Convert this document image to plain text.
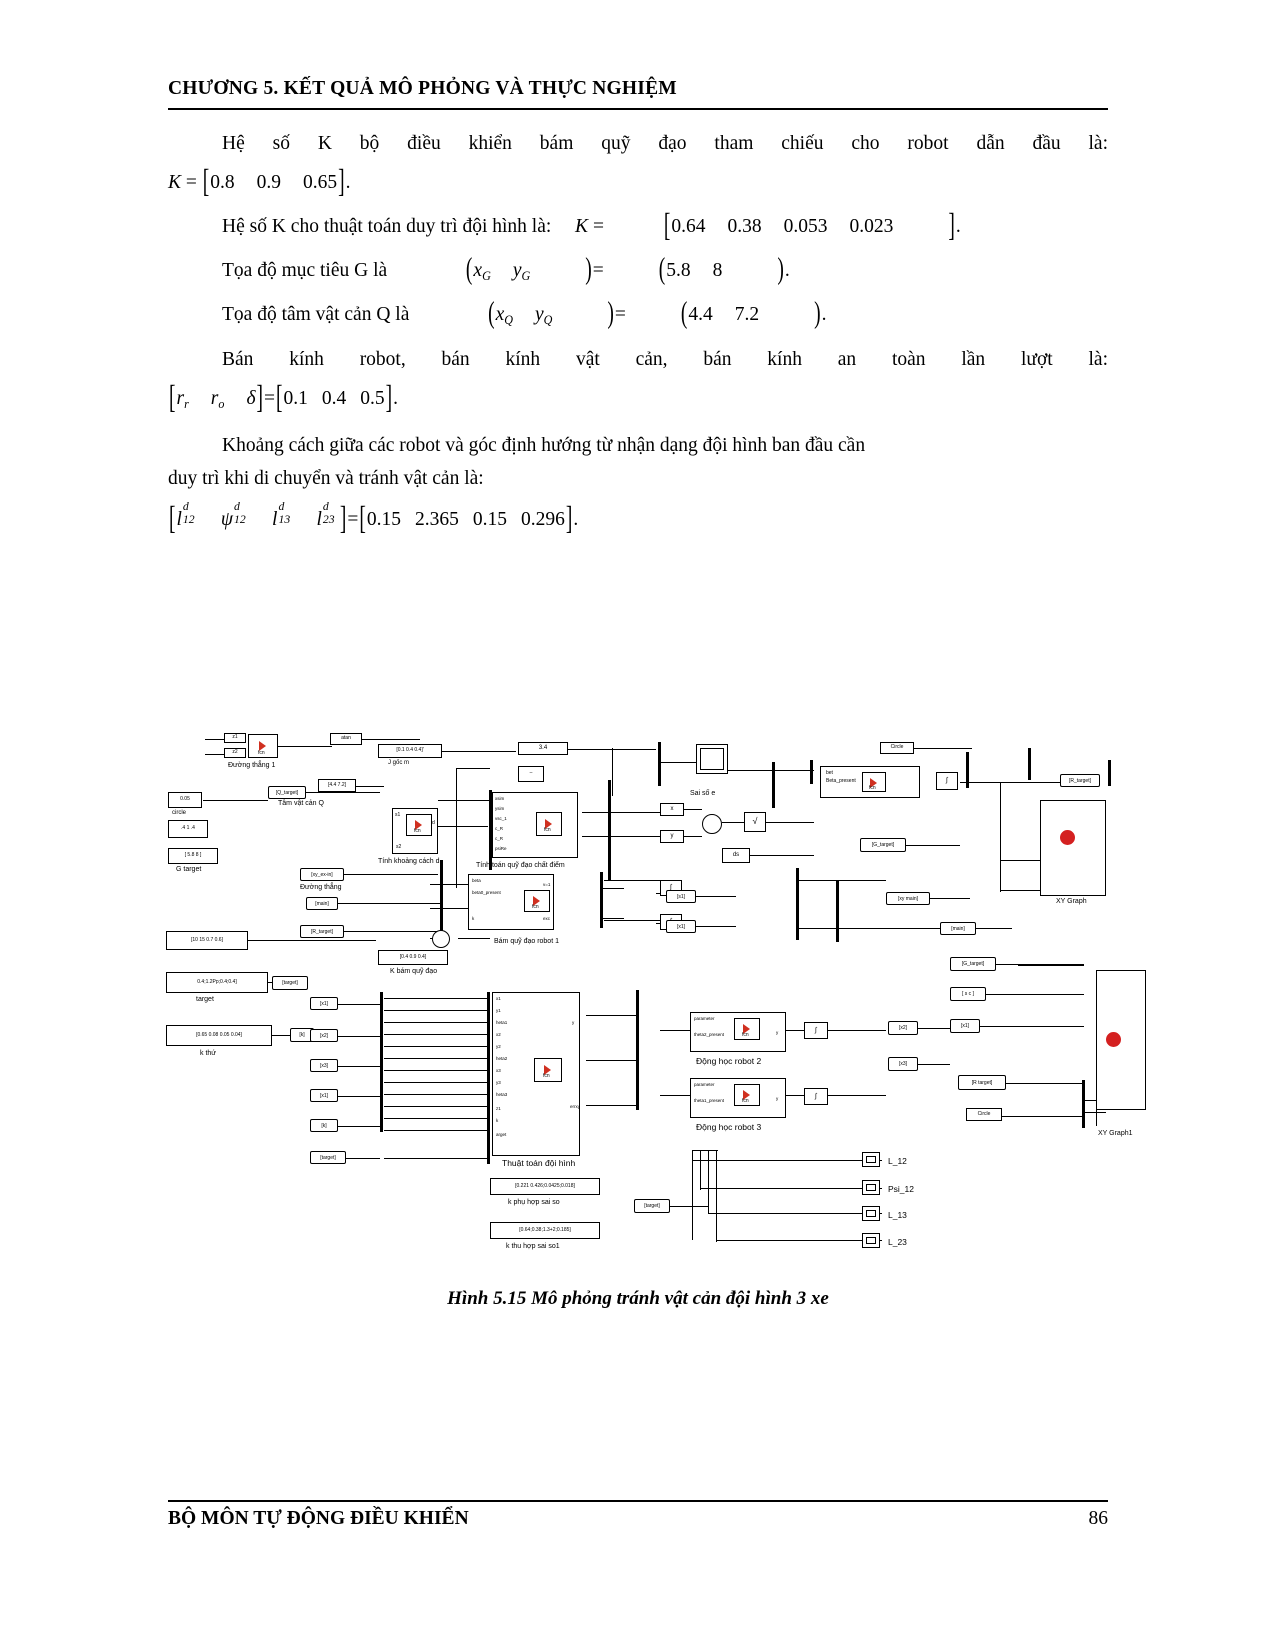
CHƯƠNG 5. KẾT QUẢ MÔ PHỎNG VÀ THỰC NGHIỆM

Hệ số K bộ điều khiển bám quỹ đạo tham chiếu cho robot dẫn đầu là:

K = [0.8 0.9 0.65].
Hệ số K cho thuật toán duy trì đội hình là: K =	[0.64 0.38 0.053 0.023	].
Tọa độ mục tiêu G là	($x_G$ $y_G$	)=	(5.8 8	).
Tọa độ tâm vật cản Q là	($x_Q$ $y_Q$	)=	(4.4 7.2	).

Bán kính robot, bán kính vật cản, bán kính an toàn lần lượt là:

[$r_r$ $r_o$ δ]=[0.1 0.4 0.5].

Khoảng cách giữa các robot và góc định hướng từ nhận dạng đội hình ban đầu cần

duy trì khi di chuyển và tránh vật cản là:

[l
d
12 ψ
d
12 l
d
13 l
d
23 ]=[0.15 2.365 0.15 0.296].
z1
z2	fcn
Đường thẳng 1
atan
[0.1 0.4 0.4]'
J gốc m
3.4
–
Sai số e
Circle
fcn
Beta_present
bet
∫	[R_target]
0.05
circle
.4 1 .4
[ 5.8 8 ]
G target
[Q_target]
[4.4 7.2]
Tâm vật cản Q
fcn
s1
s2
d
Tính khoảng cách d
[xy_ex-in]
Đường thẳng
[main]
[R_target]
fcn
xsim
ysim
vsc_1
c_R
c_R
psiRe
Tính toán quỹ đạo chất điểm
x
y
√
ds
fcn
beta
beta0_present
k
v=1
exc
Bám quỹ đạo robot 1
∫
[s1]
[x1]
[G_target]
[xy main]
[main]
[10 15 0.7 0.6]
[0.4 0.9 0.4]
K bám quỹ đạo
0.4;1.2Pp;0.4;0.4]
target
[target]
[0.65 0.08 0.05 0.04]
k thứ
[k]
[x1]
[x2]
[x3]
[x1]
[k]
[target]
fcn
x1
y1
heta1
x2
y2
heta2
x3
y3
heta3
z1
k
arget
y
errxy
Thuật toán đội hình
[0.221 0.426;0.0425;0.018]
k phụ hợp sai so
[0.64;0.38;1.3+2;0.185]
k thu hợp sai so1
fcn
parameter
theta2_present	y
Động học robot 2
fcn
parameter
theta1_present	y
Động học robot 3
∫
∫
[x2]
[x3]
[G_target]
[ s c ]
[x1]
[R target]
Circle
XY Graph
XY Graph1
L_12
Psi_12
L_13
L_23
[target]
Hình 5.15 Mô phỏng tránh vật cản đội hình 3 xe
BỘ MÔN TỰ ĐỘNG ĐIỀU KHIỂN	86
